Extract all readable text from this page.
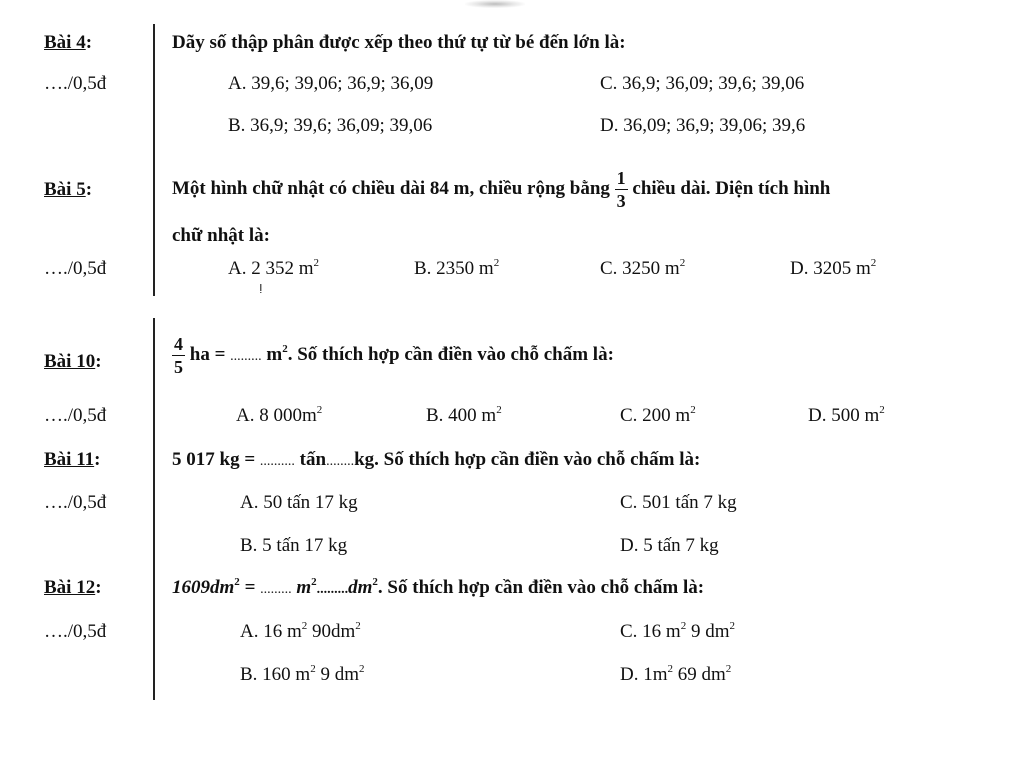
Bài 4:	Dãy số thập phân được xếp theo thứ tự từ bé đến lớn là:
…./0,5đ	A. 39,6; 39,06; 36,9; 36,09	C. 36,9; 36,09; 39,6; 39,06
B. 36,9; 39,6; 36,09; 39,06	D. 36,09; 36,9; 39,06; 39,6
Bài 5:	Một hình chữ nhật có chiều dài 84 m, chiều rộng bằng $\frac{1}{3}$ chiều dài. Diện tích hình
chữ nhật là:
…./0,5đ	A. 2 352 $m^2$	B. 2350 $m^2$	C. 3250 $m^2$	D. 3205 $m^2$
ⵑ
Bài 10:	$\frac{4}{5}$ ha = ......... $m^2$. Số thích hợp cần điền vào chỗ chấm là:
…./0,5đ	A. 8 $000m^2$	B. 400 $m^2$	C. 200 $m^2$	D. 500 $m^2$
Bài 11:	5 017 kg = .......... tấn........kg. Số thích hợp cần điền vào chỗ chấm là:
…./0,5đ	A. 50 tấn 17 kg	C. 501 tấn 7 kg
B. 5 tấn 17 kg	D. 5 tấn 7 kg
Bài 12:	$1609dm^2$ = ......... $m^2.........dm^2$. Số thích hợp cần điền vào chỗ chấm là:
…./0,5đ	A. 16 $m^2$ $90dm^2$	C. 16 $m^2$ 9 $dm^2$
B. 160 $m^2$ 9 $dm^2$	D. $1m^2$ 69 $dm^2$
